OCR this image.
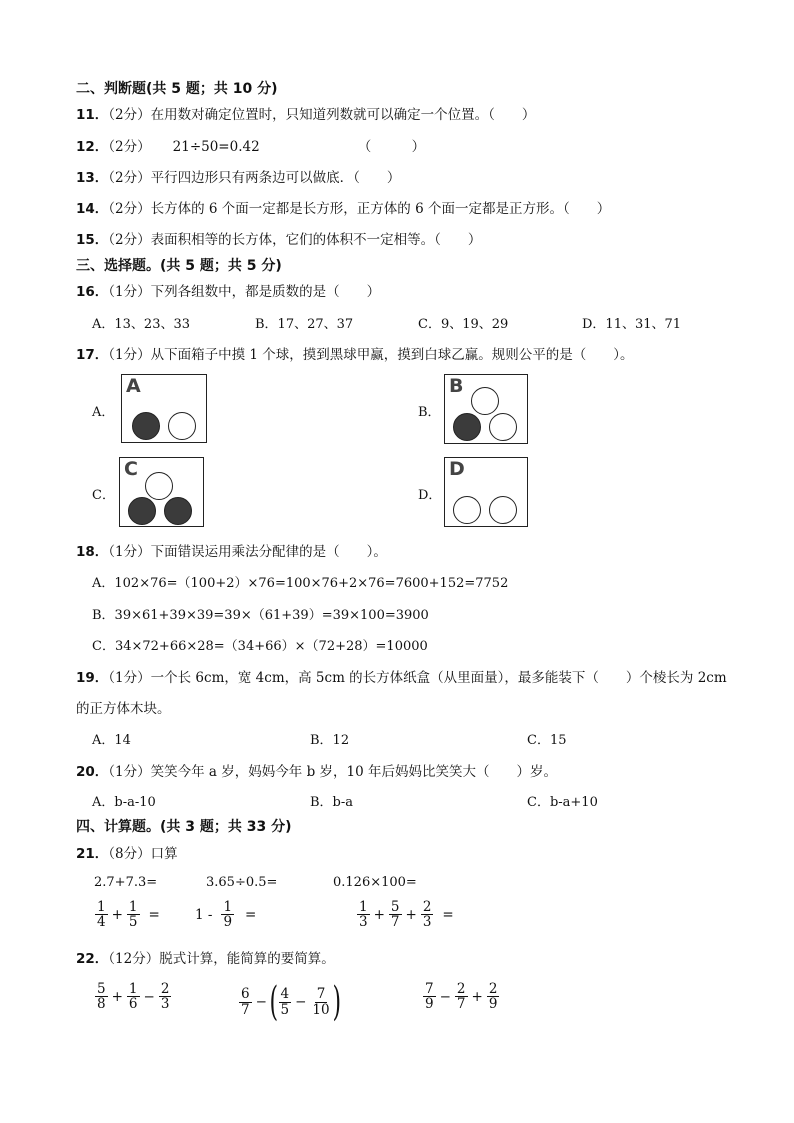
二、判断题(共 5 题；共 10 分)
11．（2分）在用数对确定位置时，只知道列数就可以确定一个位置。（　　）
12．（2分） 21÷50=0.42	（　　　）
13．（2分）平行四边形只有两条边可以做底．（　　）
14．（2分）长方体的 6 个面一定都是长方形，正方体的 6 个面一定都是正方形。（　　）
15．（2分）表面积相等的长方体，它们的体积不一定相等。（　　）
三、选择题。(共 5 题；共 5 分)
16．（1分）下列各组数中，都是质数的是（　　）
A．13、23、33	B．17、27、37	C．9、19、29	D．11、31、71
17．（1分）从下面箱子中摸 1 个球，摸到黑球甲赢，摸到白球乙赢。规则公平的是（　　）。
A．
A
B．
B
C．
C
D．
D
18．（1分）下面错误运用乘法分配律的是（　　）。
A．102×76=（100+2）×76=100×76+2×76=7600+152=7752
B．39×61+39×39=39×（61+39）=39×100=3900
C．34×72+66×28=（34+66）×（72+28）=10000
19．（1分）一个长 6cm，宽 4cm，高 5cm 的长方体纸盒（从里面量），最多能装下（　　）个棱长为 2cm
的正方体木块。
A．14	B．12	C．15
20．（1分）笑笑今年 a 岁，妈妈今年 b 岁，10 年后妈妈比笑笑大（　　）岁。
A．b-a-10	B．b-a	C．b-a+10
四、计算题。(共 3 题；共 33 分)
21．（8分）口算
2.7+7.3=	3.65÷0.5=	0.126×100=
$\frac{1}{4} + \frac{1}{5}$ =	$1 - \frac{1}{9}$ =	$\frac{1}{3} + \frac{5}{7} + \frac{2}{3}$ =
22．（12分）脱式计算，能简算的要简算。
$\frac{5}{8} + \frac{1}{6} - \frac{2}{3}$	$\frac{6}{7}$ −( $\frac{4}{5} - \frac{7}{10}$ )	$\frac{7}{9} - \frac{2}{7} + \frac{2}{9}$
